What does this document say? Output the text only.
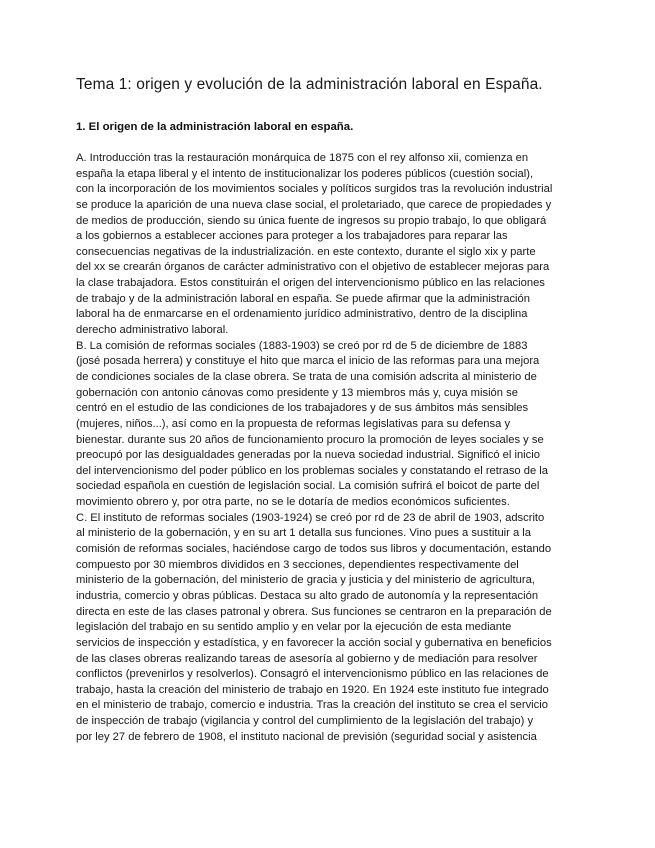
Tema 1: origen y evolución de la administración laboral en España.
1. El origen de la administración laboral en españa.
A. Introducción tras la restauración monárquica de 1875 con el rey alfonso xii, comienza en
españa la etapa liberal y el intento de institucionalizar los poderes públicos (cuestión social),
con la incorporación de los movimientos sociales y políticos surgidos tras la revolución industrial
se produce la aparición de una nueva clase social, el proletariado, que carece de propiedades y
de medios de producción, siendo su única fuente de ingresos su propio trabajo, lo que obligará
a los gobiernos a establecer acciones para proteger a los trabajadores para reparar las
consecuencias negativas de la industrialización. en este contexto, durante el siglo xix y parte
del xx se crearán órganos de carácter administrativo con el objetivo de establecer mejoras para
la clase trabajadora. Estos constituirán el origen del intervencionismo público en las relaciones
de trabajo y de la administración laboral en españa. Se puede afirmar que la administración
laboral ha de enmarcarse en el ordenamiento jurídico administrativo, dentro de la disciplina
derecho administrativo laboral.
B. La comisión de reformas sociales (1883-1903) se creó por rd de 5 de diciembre de 1883
(josé posada herrera) y constituye el hito que marca el inicio de las reformas para una mejora
de condiciones sociales de la clase obrera. Se trata de una comisión adscrita al ministerio de
gobernación con antonio cánovas como presidente y 13 miembros más y, cuya misión se
centró en el estudio de las condiciones de los trabajadores y de sus ámbitos más sensibles
(mujeres, niños...), así como en la propuesta de reformas legislativas para su defensa y
bienestar. durante sus 20 años de funcionamiento procuro la promoción de leyes sociales y se
preocupó por las desigualdades generadas por la nueva sociedad industrial. Significó el inicio
del intervencionismo del poder público en los problemas sociales y constatando el retraso de la
sociedad española en cuestión de legislación social. La comisión sufrirá el boicot de parte del
movimiento obrero y, por otra parte, no se le dotaría de medios económicos suficientes.
C. El instituto de reformas sociales (1903-1924) se creó por rd de 23 de abril de 1903, adscrito
al ministerio de la gobernación, y en su art 1 detalla sus funciones. Vino pues a sustituir a la
comisión de reformas sociales, haciéndose cargo de todos sus libros y documentación, estando
compuesto por 30 miembros divididos en 3 secciones, dependientes respectivamente del
ministerio de la gobernación, del ministerio de gracia y justicia y del ministerio de agricultura,
industria, comercio y obras públicas. Destaca su alto grado de autonomía y la representación
directa en este de las clases patronal y obrera. Sus funciones se centraron en la preparación de
legislación del trabajo en su sentido amplio y en velar por la ejecución de esta mediante
servicios de inspección y estadística, y en favorecer la acción social y gubernativa en beneficios
de las clases obreras realizando tareas de asesoría al gobierno y de mediación para resolver
conflictos (prevenirlos y resolverlos). Consagró el intervencionismo público en las relaciones de
trabajo, hasta la creación del ministerio de trabajo en 1920. En 1924 este instituto fue integrado
en el ministerio de trabajo, comercio e industria. Tras la creación del instituto se crea el servicio
de inspección de trabajo (vigilancia y control del cumplimiento de la legislación del trabajo) y
por ley 27 de febrero de 1908, el instituto nacional de previsión (seguridad social y asistencia
